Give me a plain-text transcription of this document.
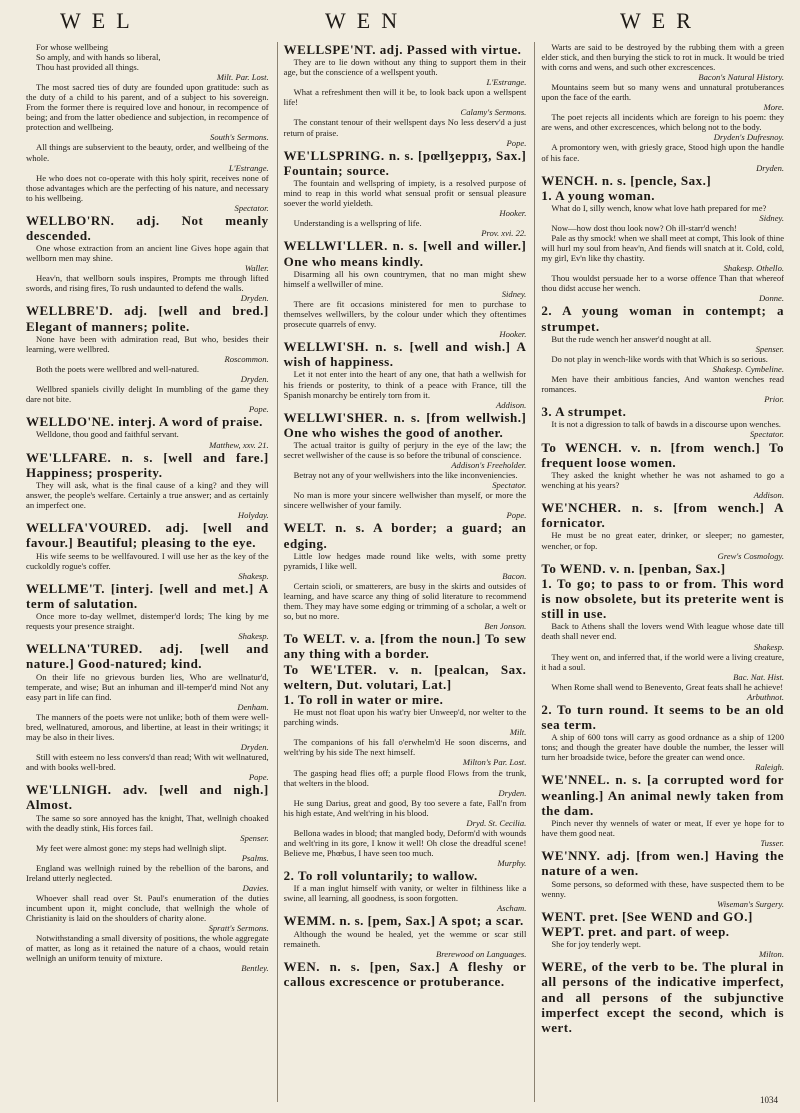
WEL	WEN	WER
For whose wellbeing
So amply, and with hands so liberal,
Thou hast provided all things.
Milt. Par. Lost.
The most sacred ties of duty are founded upon gratitude: such as the duty of a child to his parent, and of a subject to his sovereign. From the former there is required love and honour, in recompence of being; and from the latter obedience and subjection, in recompence of protection and wellbeing.
South's Sermons.
All things are subservient to the beauty, order, and wellbeing of the whole.
L'Estrange.
He who does not co-operate with this holy spirit, receives none of those advantages which are the perfecting of his nature, and necessary to his wellbeing.
Spectator.
WELLBO'RN. adj. Not meanly descended.
One whose extraction from an ancient line Gives hope again that wellborn men may shine.
Waller.
Heav'n, that wellborn souls inspires, Prompts me through lifted swords, and rising fires, To rush undaunted to defend the walls.
Dryden.
WELLBRE'D. adj. [well and bred.] Elegant of manners; polite.
None have been with admiration read, But who, besides their learning, were wellbred.
Roscommon.
Both the poets were wellbred and well-natured.
Dryden.
Wellbred spaniels civilly delight In mumbling of the game they dare not bite.
Pope.
WELLDO'NE. interj. A word of praise.
Welldone, thou good and faithful servant.
Matthew, xxv. 21.
WE'LLFARE. n. s. [well and fare.] Happiness; prosperity.
They will ask, what is the final cause of a king? and they will answer, the people's welfare. Certainly a true answer; and as certainly an imperfect one.
Holyday.
WELLFA'VOURED. adj. [well and favour.] Beautiful; pleasing to the eye.
His wife seems to be wellfavoured. I will use her as the key of the cuckoldly rogue's coffer.
Shakesp.
WELLME'T. [interj. [well and met.] A term of salutation.
Once more to-day wellmet, distemper'd lords; The king by me requests your presence straight.
Shakesp.
WELLNA'TURED. adj. [well and nature.] Good-natured; kind.
On their life no grievous burden lies, Who are wellnatur'd, temperate, and wise; But an inhuman and ill-temper'd mind Not any easy part in life can find.
Denham.
The manners of the poets were not unlike; both of them were well-bred, wellnatured, amorous, and libertine, at least in their writings; it may be also in their lives.
Dryden.
Still with esteem no less convers'd than read; With wit wellnatured, and with books well-bred.
Pope.
WE'LLNIGH. adv. [well and nigh.] Almost.
The same so sore annoyed has the knight, That, wellnigh choaked with the deadly stink, His forces fail.
Spenser.
My feet were almost gone: my steps had wellnigh slipt.
Psalms.
England was wellnigh ruined by the rebellion of the barons, and Ireland utterly neglected.
Davies.
Whoever shall read over St. Paul's enumeration of the duties incumbent upon it, might conclude, that wellnigh the whole of Christianity is laid on the shoulders of charity alone.
Spratt's Sermons.
Notwithstanding a small diversity of positions, the whole aggregate of matter, as long as it retained the nature of a chaos, would retain wellnigh an uniform tenuity of mixture.
Bentley.
WELLSPE'NT. adj. Passed with virtue.
They are to lie down without any thing to support them in their age, but the conscience of a wellspent youth.
L'Estrange.
What a refreshment then will it be, to look back upon a wellspent life!
Calamy's Sermons.
The constant tenour of their wellspent days No less deserv'd a just return of praise.
Pope.
WE'LLSPRING. n. s. [pœllʒeƿpɪʒ, Sax.] Fountain; source.
The fountain and wellspring of impiety, is a resolved purpose of mind to reap in this world what sensual profit or sensual pleasure soever the world yieldeth.
Hooker.
Understanding is a wellspring of life.
Prov. xvi. 22.
WELLWI'LLER. n. s. [well and willer.] One who means kindly.
Disarming all his own countrymen, that no man might shew himself a wellwiller of mine.
Sidney.
There are fit occasions ministered for men to purchase to themselves wellwillers, by the colour under which they oftentimes prosecute quarrels of envy.
Hooker.
WELLWI'SH. n. s. [well and wish.] A wish of happiness.
Let it not enter into the heart of any one, that hath a wellwish for his friends or posterity, to think of a peace with France, till the Spanish monarchy be entirely torn from it.
Addison.
WELLWI'SHER. n. s. [from wellwish.] One who wishes the good of another.
The actual traitor is guilty of perjury in the eye of the law; the secret wellwisher of the cause is so before the tribunal of conscience.
Addison's Freeholder.
Betray not any of your wellwishers into the like inconveniencies.
Spectator.
No man is more your sincere wellwisher than myself, or more the sincere wellwisher of your family.
Pope.
WELT. n. s. A border; a guard; an edging.
Little low hedges made round like welts, with some pretty pyramids, I like well.
Bacon.
Certain scioli, or smatterers, are busy in the skirts and outsides of learning, and have scarce any thing of solid literature to recommend them. They may have some edging or trimming of a scholar, a welt or so, but no more.
Ben Jonson.
To WELT. v. a. [from the noun.] To sew any thing with a border.
To WE'LTER. v. n. [pealcan, Sax. weltern, Dut. volutari, Lat.]
1. To roll in water or mire.
He must not float upon his wat'ry bier Unweep'd, nor welter to the parching winds.
Milt.
The companions of his fall o'erwhelm'd He soon discerns, and welt'ring by his side The next himself.
Milton's Par. Lost.
The gasping head flies off; a purple flood Flows from the trunk, that welters in the blood.
Dryden.
He sung Darius, great and good, By too severe a fate, Fall'n from his high estate, And welt'ring in his blood.
Dryd. St. Cecilia.
Bellona wades in blood; that mangled body, Deform'd with wounds and welt'ring in its gore, I know it well! Oh close the dreadful scene! Believe me, Phœbus, I have seen too much.
Murphy.
2. To roll voluntarily; to wallow.
If a man inglut himself with vanity, or welter in filthiness like a swine, all learning, all goodness, is soon forgotten.
Ascham.
WEMM. n. s. [pem, Sax.] A spot; a scar.
Although the wound be healed, yet the wemme or scar still remaineth.
Brerewood on Languages.
WEN. n. s. [pen, Sax.] A fleshy or callous excrescence or protuberance.
Warts are said to be destroyed by the rubbing them with a green elder stick, and then burying the stick to rot in muck. It would be tried with corns and wens, and such other excrescences.
Bacon's Natural History.
Mountains seem but so many wens and unnatural protuberances upon the face of the earth.
More.
The poet rejects all incidents which are foreign to his poem: they are wens, and other excrescences, which belong not to the body.
Dryden's Dufresnoy.
A promontory wen, with griesly grace, Stood high upon the handle of his face.
Dryden.
WENCH. n. s. [pencle, Sax.]
1. A young woman.
What do I, silly wench, know what love hath prepared for me?
Sidney.
Now—how dost thou look now? Oh ill-starr'd wench!
Pale as thy smock! when we shall meet at compt, This look of thine will hurl my soul from heav'n, And fiends will snatch at it. Cold, cold, my girl, Ev'n like thy chastity.
Shakesp. Othello.
Thou wouldst persuade her to a worse offence Than that whereof thou didst accuse her wench.
Donne.
2. A young woman in contempt; a strumpet.
But the rude wench her answer'd nought at all.
Spenser.
Do not play in wench-like words with that Which is so serious.
Shakesp. Cymbeline.
Men have their ambitious fancies, And wanton wenches read romances.
Prior.
3. A strumpet.
It is not a digression to talk of bawds in a discourse upon wenches.
Spectator.
To WENCH. v. n. [from wench.] To frequent loose women.
They asked the knight whether he was not ashamed to go a wenching at his years?
Addison.
WE'NCHER. n. s. [from wench.] A fornicator.
He must be no great eater, drinker, or sleeper; no gamester, wencher, or fop.
Grew's Cosmology.
To WEND. v. n. [penban, Sax.]
1. To go; to pass to or from. This word is now obsolete, but its preterite went is still in use.
Back to Athens shall the lovers wend With league whose date till death shall never end.
Shakesp.
They went on, and inferred that, if the world were a living creature, it had a soul.
Bac. Nat. Hist.
When Rome shall wend to Benevento, Great feats shall he achieve!
Arbuthnot.
2. To turn round. It seems to be an old sea term.
A ship of 600 tons will carry as good ordnance as a ship of 1200 tons; and though the greater have double the number, the lesser will turn her broadside twice, before the greater can wend once.
Raleigh.
WE'NNEL. n. s. [a corrupted word for weanling.] An animal newly taken from the dam.
Pinch never thy wennels of water or meat, If ever ye hope for to have them good neat.
Tusser.
WE'NNY. adj. [from wen.] Having the nature of a wen.
Some persons, so deformed with these, have suspected them to be wenny.
Wiseman's Surgery.
WENT. pret. [See WEND and GO.]
WEPT. pret. and part. of weep.
She for joy tenderly wept.
Milton.
WERE, of the verb to be. The plural in all persons of the indicative imperfect, and all persons of the subjunctive imperfect except the second, which is wert.
1034
